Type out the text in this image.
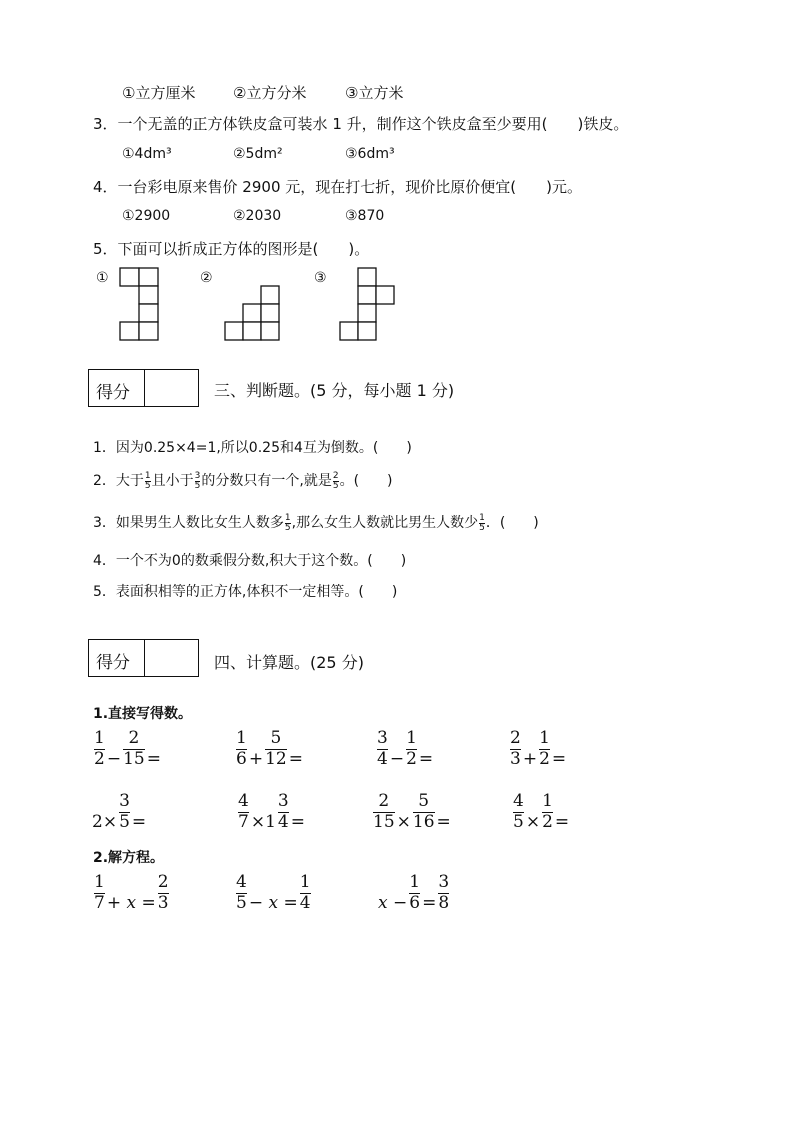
①立方厘米	②立方分米	③立方米
3．一个无盖的正方体铁皮盒可装水 1 升，制作这个铁皮盒至少要用(　　)铁皮。
①4dm³	②5dm²	③6dm³
4．一台彩电原来售价 2900 元，现在打七折，现价比原价便宜(　　)元。
①2900	②2030	③870
5．下面可以折成正方体的图形是(　　)。
①	②	③
得分	三、判断题。(5 分，每小题 1 分)
1．因为0.25×4=1,所以0.25和4互为倒数。(　　)
2．大于 $\frac{1}{5}$ 且小于 $\frac{3}{5}$ 的分数只有一个,就是 $\frac{2}{5}$ 。(　　)
3．如果男生人数比女生人数多 $\frac{1}{5}$ ,那么女生人数就比男生人数少 $\frac{1}{5}$ ．(　　)
4．一个不为0的数乘假分数,积大于这个数。(　　)
5．表面积相等的正方体,体积不一定相等。(　　)
得分	四、计算题。(25 分)
1.直接写得数。
$\frac{1}{2} - \frac{2}{15}$ =	$\frac{1}{6} + \frac{5}{12}$ =	$\frac{3}{4} - \frac{1}{2}$ =	$\frac{2}{3} + \frac{1}{2}$ =
$2\times \frac{3}{5}$ =	$\frac{4}{7} \times 1 \frac{3}{4}$ =	$\frac{2}{15} \times \frac{5}{16}$ =	$\frac{4}{5} \times \frac{1}{2}$ =
2.解方程。
$\frac{1}{7} + x = \frac{2}{3}$	$\frac{4}{5} - x = \frac{1}{4}$	$x - \frac{1}{6} = \frac{3}{8}$
